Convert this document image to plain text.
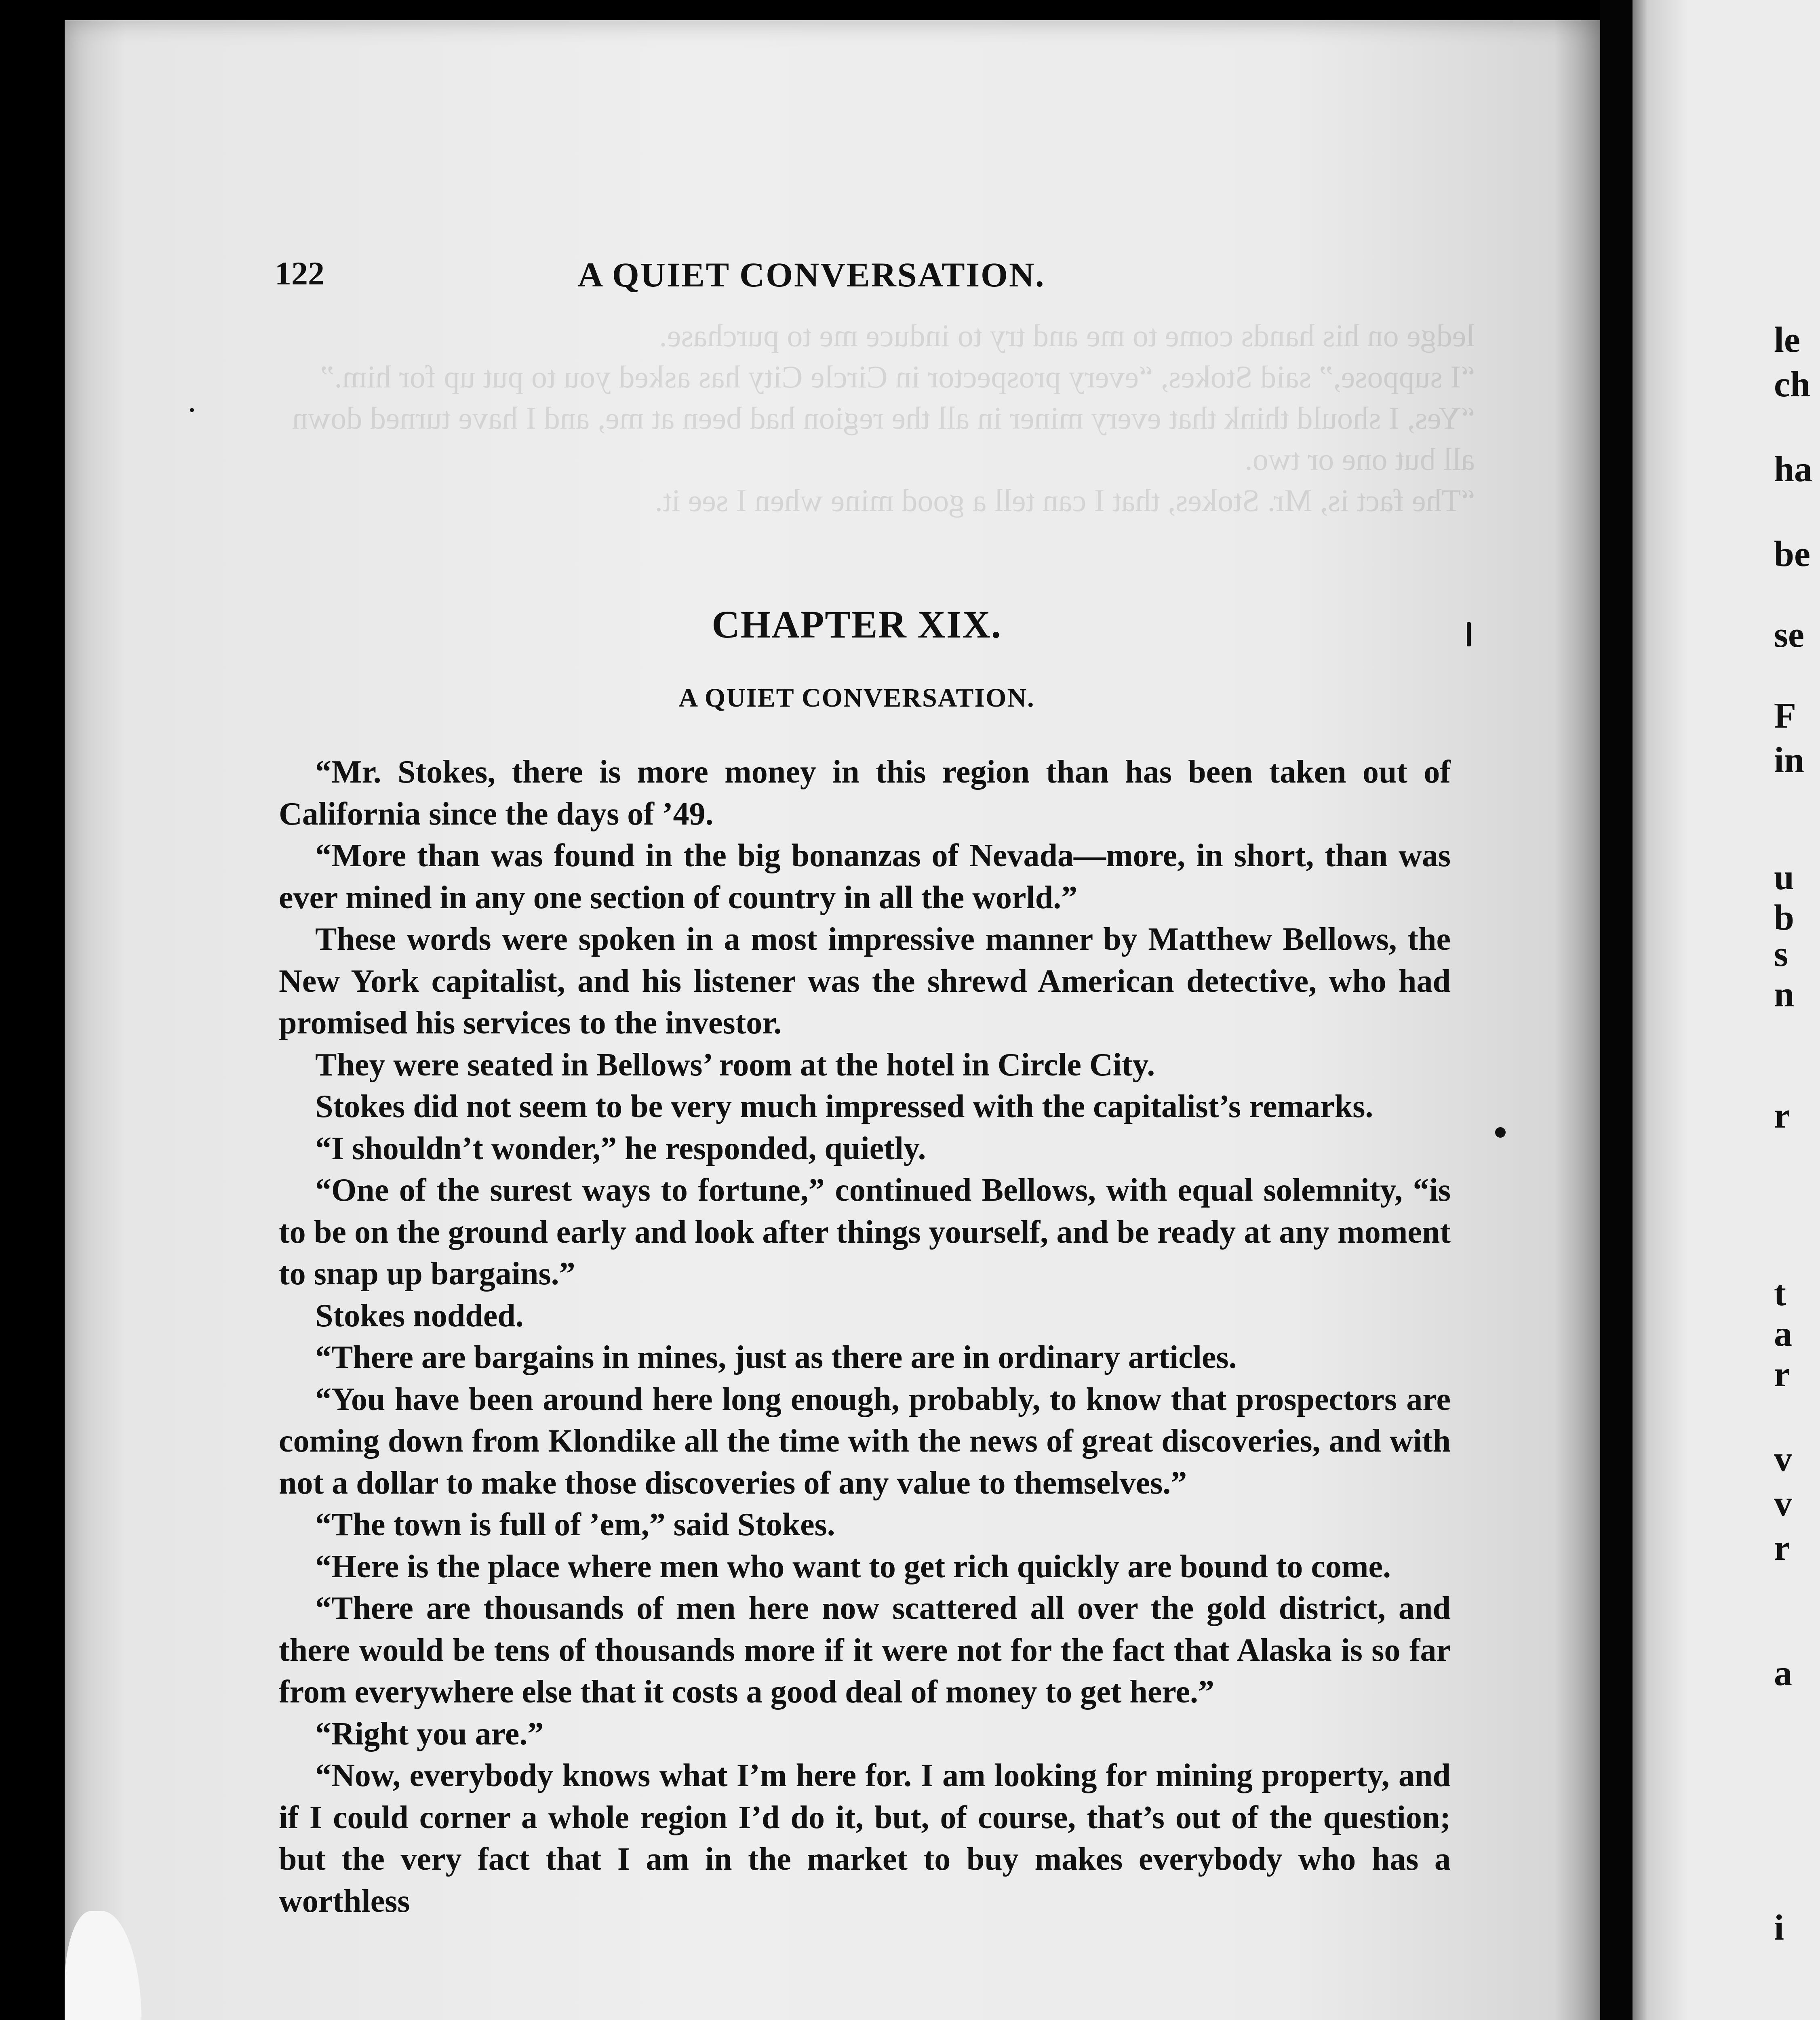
ledge on his hands come to me and try to induce me to purchase.
“I suppose,” said Stokes, “every prospector in Circle City has asked you to put up for him.”
“Yes, I should think that every miner in all the region had been at me, and I have turned down all but one or two.
“The fact is, Mr. Stokes, that I can tell a good mine when I see it.
122	A QUIET CONVERSATION.
CHAPTER XIX.
A QUIET CONVERSATION.

“Mr. Stokes, there is more money in this region than has been taken out of California since the days of ’49.

“More than was found in the big bonanzas of Nevada—more, in short, than was ever mined in any one section of country in all the world.”

These words were spoken in a most impressive manner by Matthew Bellows, the New York capitalist, and his listener was the shrewd American detective, who had promised his services to the investor.

They were seated in Bellows’ room at the hotel in Circle City.

Stokes did not seem to be very much impressed with the capitalist’s remarks.

“I shouldn’t wonder,” he responded, quietly.

“One of the surest ways to fortune,” continued Bellows, with equal solemnity, “is to be on the ground early and look after things yourself, and be ready at any moment to snap up bargains.”

Stokes nodded.

“There are bargains in mines, just as there are in ordinary articles.

“You have been around here long enough, probably, to know that prospectors are coming down from Klondike all the time with the news of great discoveries, and with not a dollar to make those discoveries of any value to themselves.”

“The town is full of ’em,” said Stokes.

“Here is the place where men who want to get rich quickly are bound to come.

“There are thousands of men here now scattered all over the gold district, and there would be tens of thousands more if it were not for the fact that Alaska is so far from everywhere else that it costs a good deal of money to get here.”

“Right you are.”

“Now, everybody knows what I’m here for. I am looking for mining property, and if I could corner a whole region I’d do it, but, of course, that’s out of the question; but the very fact that I am in the market to buy makes everybody who has a worthless

le
ch
ha
be
se
F
in
u
b
s
n
r
t
a
r
v
v
r
a
i
